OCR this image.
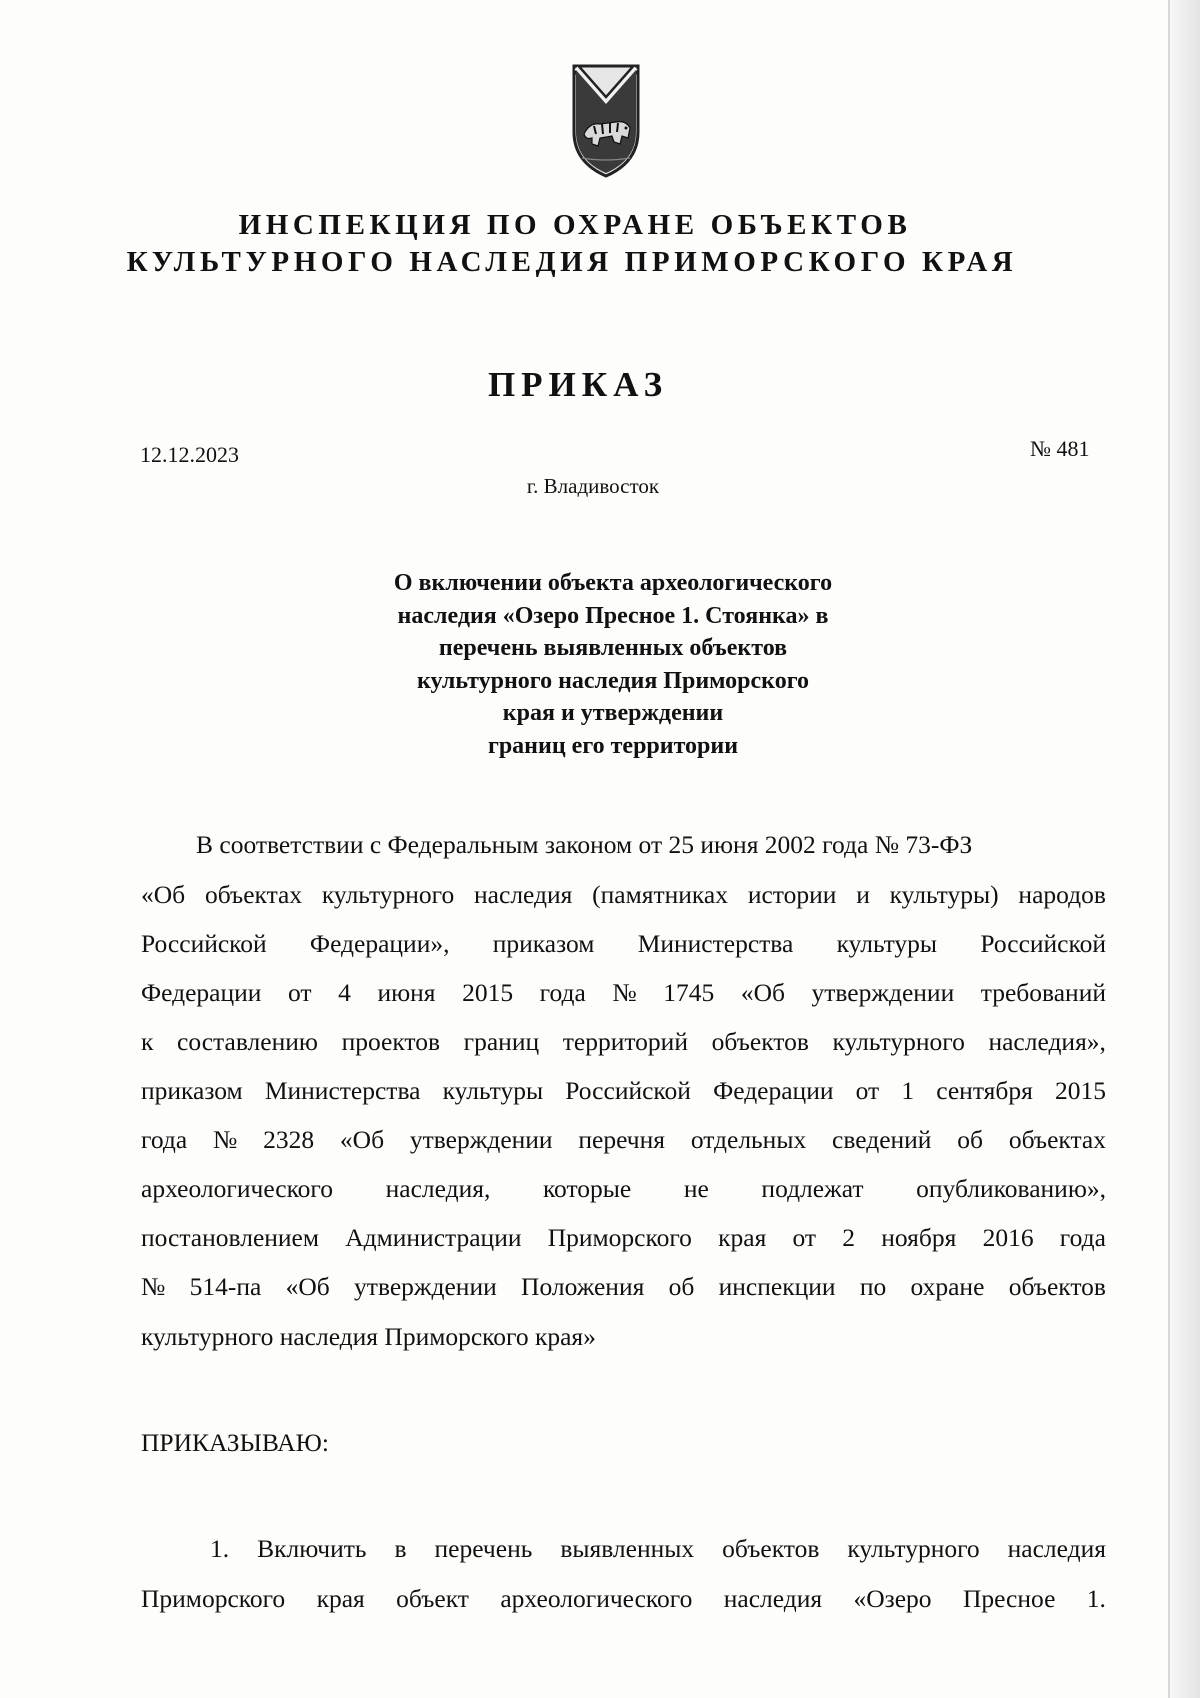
ИНСПЕКЦИЯ ПО ОХРАНЕ ОБЪЕКТОВ
КУЛЬТУРНОГО НАСЛЕДИЯ ПРИМОРСКОГО КРАЯ
ПРИКАЗ
12.12.2023	№ 481
г. Владивосток
О включении объекта археологического
наследия «Озеро Пресное 1. Стоянка» в
перечень выявленных объектов
культурного наследия Приморского
края и утверждении
границ его территории
В соответствии с Федеральным законом от 25 июня 2002 года № 73-ФЗ
«Об объектах культурного наследия (памятниках истории и культуры) народов
Российской Федерации», приказом Министерства культуры Российской
Федерации от 4 июня 2015 года № 1745 «Об утверждении требований
к составлению проектов границ территорий объектов культурного наследия»,
приказом Министерства культуры Российской Федерации от 1 сентября 2015
года № 2328 «Об утверждении перечня отдельных сведений об объектах
археологического наследия, которые не подлежат опубликованию»,
постановлением Администрации Приморского края от 2 ноября 2016 года
№ 514-па «Об утверждении Положения об инспекции по охране объектов
культурного наследия Приморского края»
ПРИКАЗЫВАЮ:
1. Включить в перечень выявленных объектов культурного наследия
Приморского края объект археологического наследия «Озеро Пресное 1.
